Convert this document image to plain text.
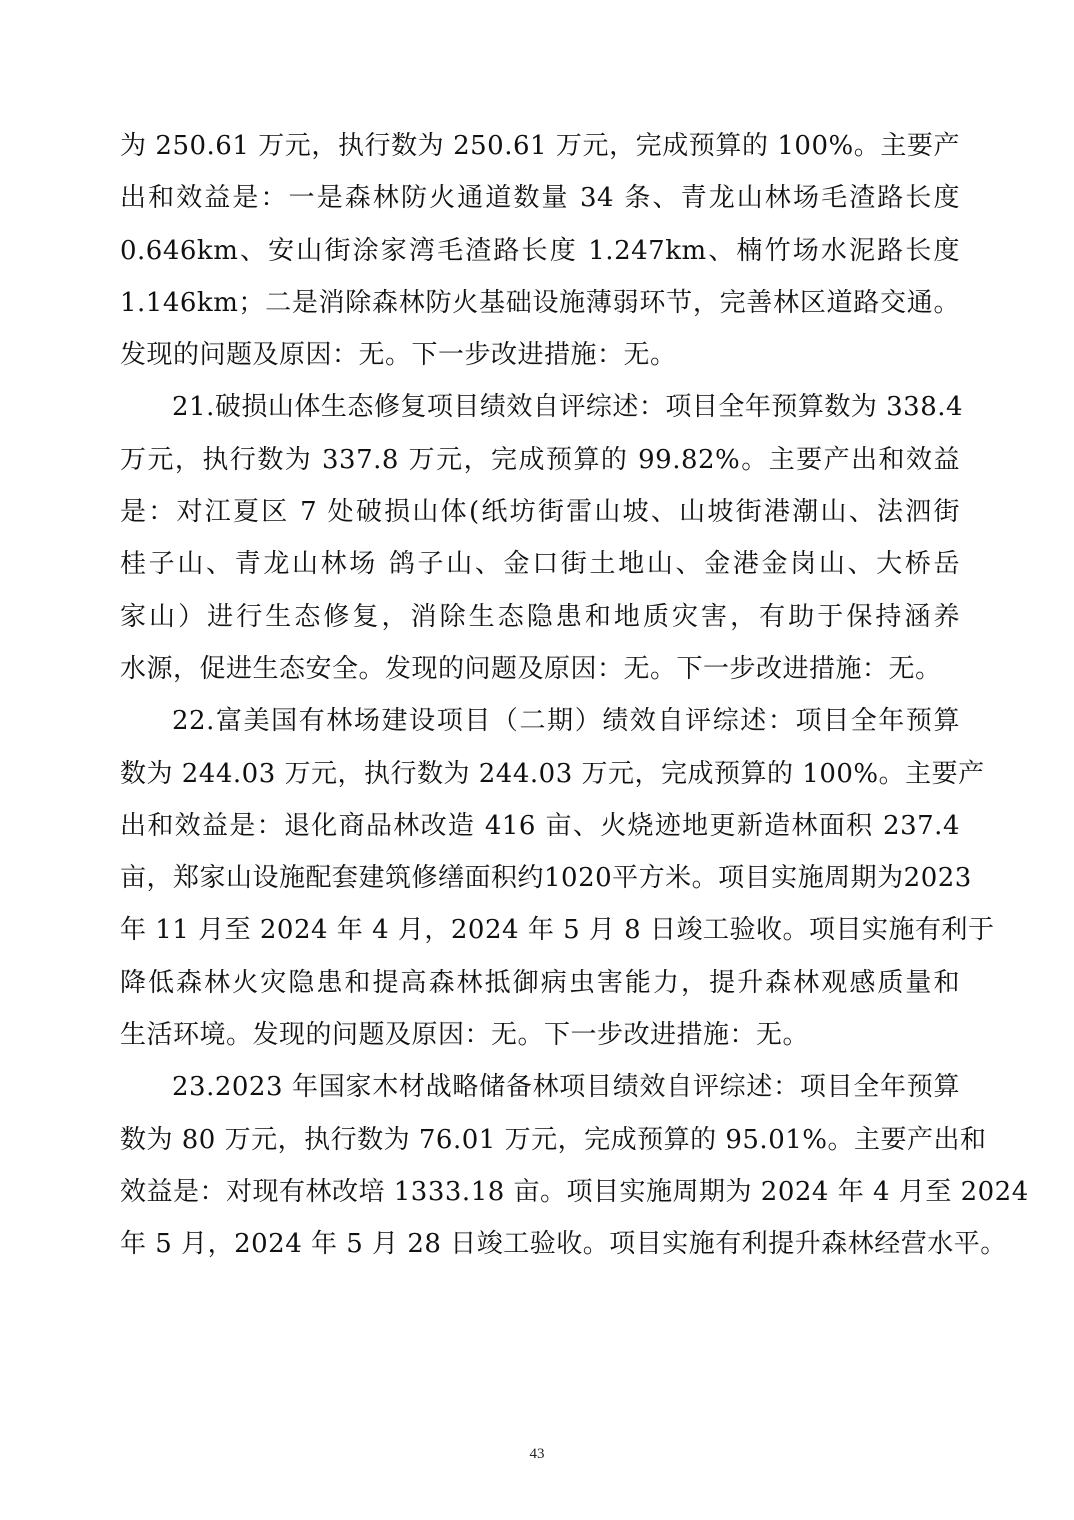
为 250.61 万元，执行数为 250.61 万元，完成预算的 100%。主要产
出和效益是：一是森林防火通道数量 34 条、青龙山林场毛渣路长度
0.646km、安山街涂家湾毛渣路长度 1.247km、楠竹场水泥路长度
1.146km；二是消除森林防火基础设施薄弱环节，完善林区道路交通。
发现的问题及原因：无。下一步改进措施：无。
21.破损山体生态修复项目绩效自评综述：项目全年预算数为 338.4
万元，执行数为 337.8 万元，完成预算的 99.82%。主要产出和效益
是：对江夏区 7 处破损山体(纸坊街雷山坡、山坡街港潮山、法泗街
桂子山、青龙山林场 鸽子山、金口街土地山、金港金岗山、大桥岳
家山）进行生态修复，消除生态隐患和地质灾害，有助于保持涵养
水源，促进生态安全。发现的问题及原因：无。下一步改进措施：无。
22.富美国有林场建设项目（二期）绩效自评综述：项目全年预算
数为 244.03 万元，执行数为 244.03 万元，完成预算的 100%。主要产
出和效益是：退化商品林改造 416 亩、火烧迹地更新造林面积 237.4
亩，郑家山设施配套建筑修缮面积约1020平方米。项目实施周期为2023
年 11 月至 2024 年 4 月，2024 年 5 月 8 日竣工验收。项目实施有利于
降低森林火灾隐患和提高森林抵御病虫害能力，提升森林观感质量和
生活环境。发现的问题及原因：无。下一步改进措施：无。
23.2023 年国家木材战略储备林项目绩效自评综述：项目全年预算
数为 80 万元，执行数为 76.01 万元，完成预算的 95.01%。主要产出和
效益是：对现有林改培 1333.18 亩。项目实施周期为 2024 年 4 月至 2024
年 5 月，2024 年 5 月 28 日竣工验收。项目实施有利提升森林经营水平。
43
